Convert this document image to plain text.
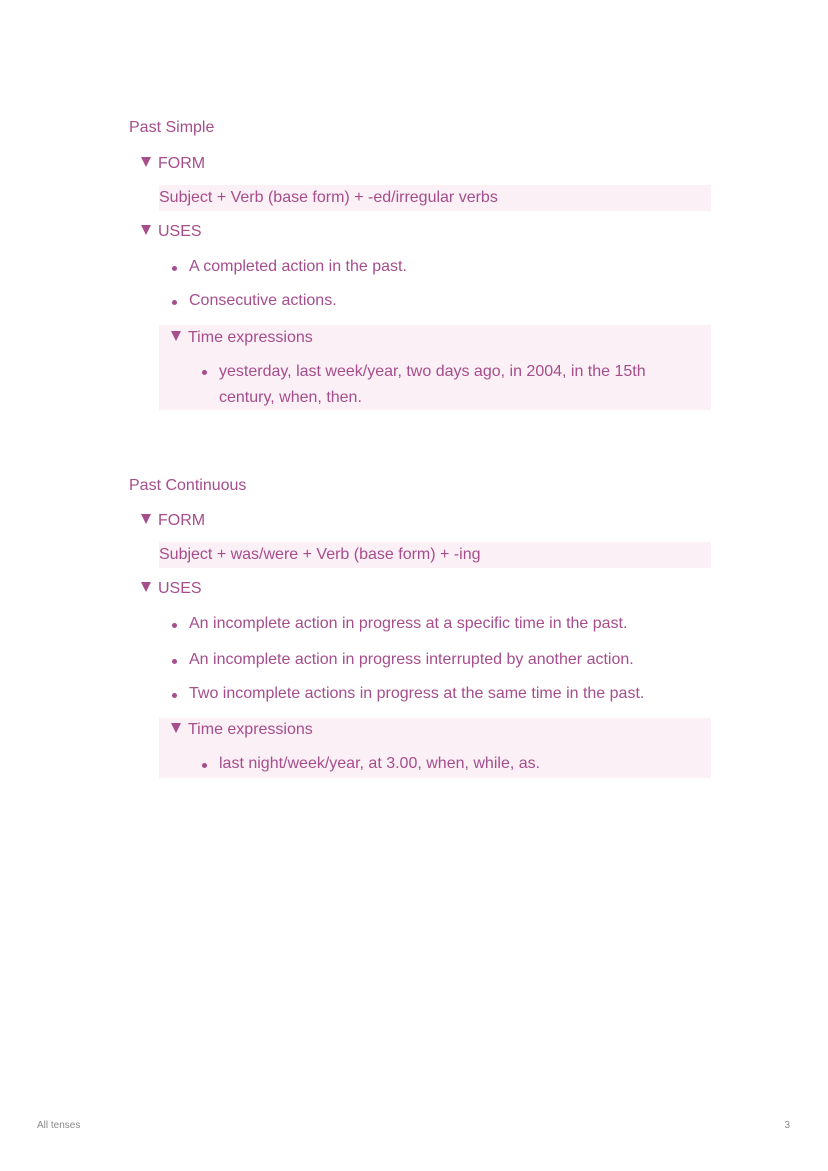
Past Simple
FORM
Subject + Verb (base form) + -ed/irregular verbs
USES
A completed action in the past.
Consecutive actions.
Time expressions
yesterday, last week/year, two days ago, in 2004, in the 15th century, when, then.
Past Continuous
FORM
Subject + was/were + Verb (base form) + -ing
USES
An incomplete action in progress at a specific time in the past.
An incomplete action in progress interrupted by another action.
Two incomplete actions in progress at the same time in the past.
Time expressions
last night/week/year, at 3.00, when, while, as.
All tenses	3
